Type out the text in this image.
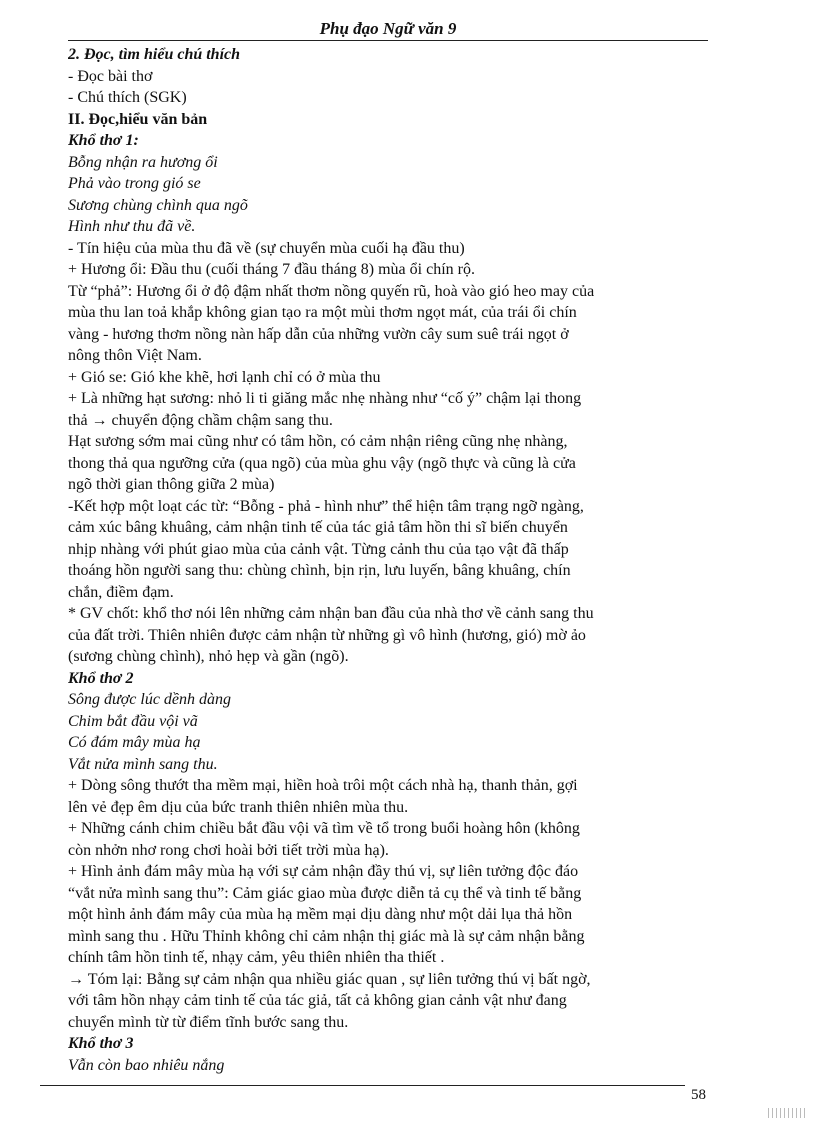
Phụ đạo Ngữ văn 9
2. Đọc, tìm hiểu chú thích
- Đọc bài thơ
- Chú thích (SGK)
II. Đọc,hiểu văn bản
Khổ thơ 1:
Bỗng nhận ra hương ổi
Phả vào trong gió se
Sương chùng chình qua ngõ
Hình như thu đã về.
- Tín hiệu của mùa thu đã về (sự chuyển mùa cuối hạ đầu thu)
+ Hương ổi: Đầu thu (cuối tháng 7 đầu tháng 8) mùa ổi chín rộ.
Từ “phả”: Hương ổi ở độ đậm nhất thơm nồng quyến rũ, hoà vào gió heo may của
mùa thu lan toả khắp không gian tạo ra một mùi thơm ngọt mát, của trái ổi chín
vàng - hương thơm nồng nàn hấp dẫn của những vườn cây sum suê trái ngọt ở
nông thôn Việt Nam.
+ Gió se: Gió khe khẽ, hơi lạnh chỉ có ở mùa thu
+ Là những hạt sương: nhỏ li ti giăng mắc nhẹ nhàng như “cố ý” chậm lại thong
thả → chuyển động chầm chậm sang thu.
Hạt sương sớm mai cũng như có tâm hồn, có cảm nhận riêng cũng nhẹ nhàng,
thong thả qua ngưỡng cửa (qua ngõ) của mùa ghu vậy (ngõ thực và cũng là cửa
ngõ thời gian thông giữa 2 mùa)
-Kết hợp một loạt các từ: “Bỗng - phả - hình như” thể hiện tâm trạng ngỡ ngàng,
cảm xúc bâng khuâng, cảm nhận tinh tế của tác giả tâm hồn thi sĩ biến chuyển
nhịp nhàng với phút giao mùa của cảnh vật. Từng cảnh thu của tạo vật đã thấp
thoáng hồn người sang thu: chùng chình, bịn rịn, lưu luyến, bâng khuâng, chín
chắn, điềm đạm.
* GV chốt: khổ thơ nói lên những cảm nhận ban đầu của nhà thơ về cảnh sang thu
của đất trời. Thiên nhiên được cảm nhận từ những gì vô hình (hương, gió) mờ ảo
(sương chùng chình), nhỏ hẹp và gần (ngõ).
Khổ thơ 2
Sông được lúc dềnh dàng
Chim bắt đầu vội vã
Có đám mây mùa hạ
Vắt nửa mình sang thu.
+ Dòng sông thướt tha mềm mại, hiền hoà trôi một cách nhà hạ, thanh thản, gợi
lên vẻ đẹp êm dịu của bức tranh thiên nhiên mùa thu.
+ Những cánh chim chiều bắt đầu vội vã tìm về tổ trong buổi hoàng hôn (không
còn nhởn nhơ rong chơi hoài bởi tiết trời mùa hạ).
+ Hình ảnh đám mây mùa hạ với sự cảm nhận đầy thú vị, sự liên tưởng độc đáo
“vắt nửa mình sang thu”: Cảm giác giao mùa được diễn tả cụ thể và tinh tế bằng
một hình ảnh đám mây của mùa hạ mềm mại dịu dàng như một dải lụa thả hồn
mình sang thu . Hữu Thỉnh không chỉ cảm nhận thị giác mà là sự cảm nhận bằng
chính tâm hồn tinh tế, nhạy cảm, yêu thiên nhiên tha thiết .
→ Tóm lại: Bằng sự cảm nhận qua nhiều giác quan , sự liên tưởng thú vị bất ngờ,
với tâm hồn nhạy cảm tinh tế của tác giả, tất cả không gian cảnh vật như đang
chuyển mình từ từ điểm tĩnh bước sang thu.
Khổ thơ 3
Vẫn còn bao nhiêu nắng
58
